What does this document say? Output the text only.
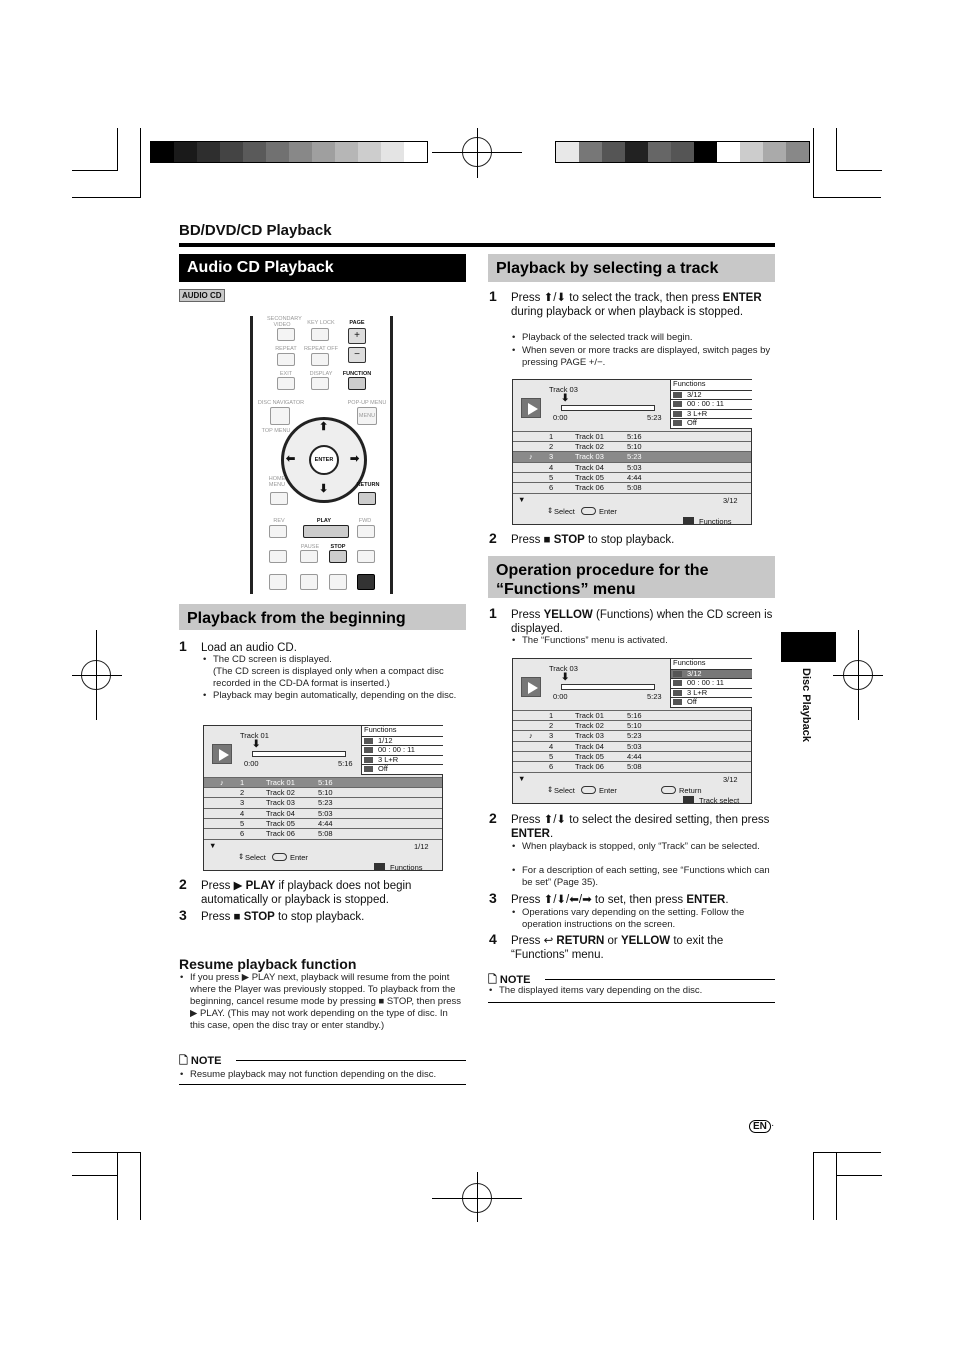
BD/DVD/CD Playback
Audio CD Playback
AUDIO CD
SECONDARY VIDEO	KEY LOCK	PAGE
+
−
REPEAT	REPEAT OFF
EXIT	DISPLAY	FUNCTION
DISC NAVIGATOR	POP-UP MENU
TOP MENU
MENU
ENTER
⬆
⬇
⬅	➡
HOME MENU	RETURN
REV	PLAY	FWD
PAUSE	STOP
Playback from the beginning
1 Load an audio CD.
• The CD screen is displayed.
(The CD screen is displayed only when a compact disc recorded in the CD-DA format is inserted.)
• Playback may begin automatically, depending on the disc.
Track 01
⬇
0:00	5:16
Functions
1/12
00 : 00 : 11
3 L+R
Off
♪ 1	Track 01	5:16
2	Track 02	5:10
3	Track 03	5:23
4	Track 04	5:03
5	Track 05	4:44
6	Track 06	5:08
▼	1/12
⇕ Select	Enter
Functions
2 Press ▶ PLAY if playback does not begin automatically or playback is stopped.
3 Press ■ STOP to stop playback.
Resume playback function
• If you press ▶ PLAY next, playback will resume from the point where the Player was previously stopped. To playback from the beginning, cancel resume mode by pressing ■ STOP, then press ▶ PLAY. (This may not work depending on the type of disc. In this case, open the disc tray or enter standby.)
🗋 NOTE
• Resume playback may not function depending on the disc.
Playback by selecting a track
1 Press ⬆/⬇ to select the track, then press ENTER during playback or when playback is stopped.
• Playback of the selected track will begin.
• When seven or more tracks are displayed, switch pages by pressing PAGE +/−.
Track 03
⬇
0:00	5:23
Functions
3/12
00 : 00 : 11
3 L+R
Off
1	Track 01	5:16
2	Track 02	5:10
♪ 3	Track 03	5:23
4	Track 04	5:03
5	Track 05	4:44
6	Track 06	5:08
▼	3/12
⇕ Select	Enter
Functions
2 Press ■ STOP to stop playback.
Operation procedure for the “Functions” menu
1 Press YELLOW (Functions) when the CD screen is displayed.
• The “Functions” menu is activated.
Track 03
⬇
0:00	5:23
Functions
3/12
00 : 00 : 11
3 L+R
Off
1	Track 01	5:16
2	Track 02	5:10
♪ 3	Track 03	5:23
4	Track 04	5:03
5	Track 05	4:44
6	Track 06	5:08
▼	3/12
⇕ Select	Enter	Return
Track select
2 Press ⬆/⬇ to select the desired setting, then press ENTER.
• When playback is stopped, only “Track” can be selected.
• For a description of each setting, see “Functions which can be set” (Page 35).
3 Press ⬆/⬇/⬅/➡ to set, then press ENTER.
• Operations vary depending on the setting. Follow the operation instructions on the screen.
4 Press ↩ RETURN or YELLOW to exit the “Functions” menu.
🗋 NOTE
• The displayed items vary depending on the disc.
Disc Playback
EN ·
